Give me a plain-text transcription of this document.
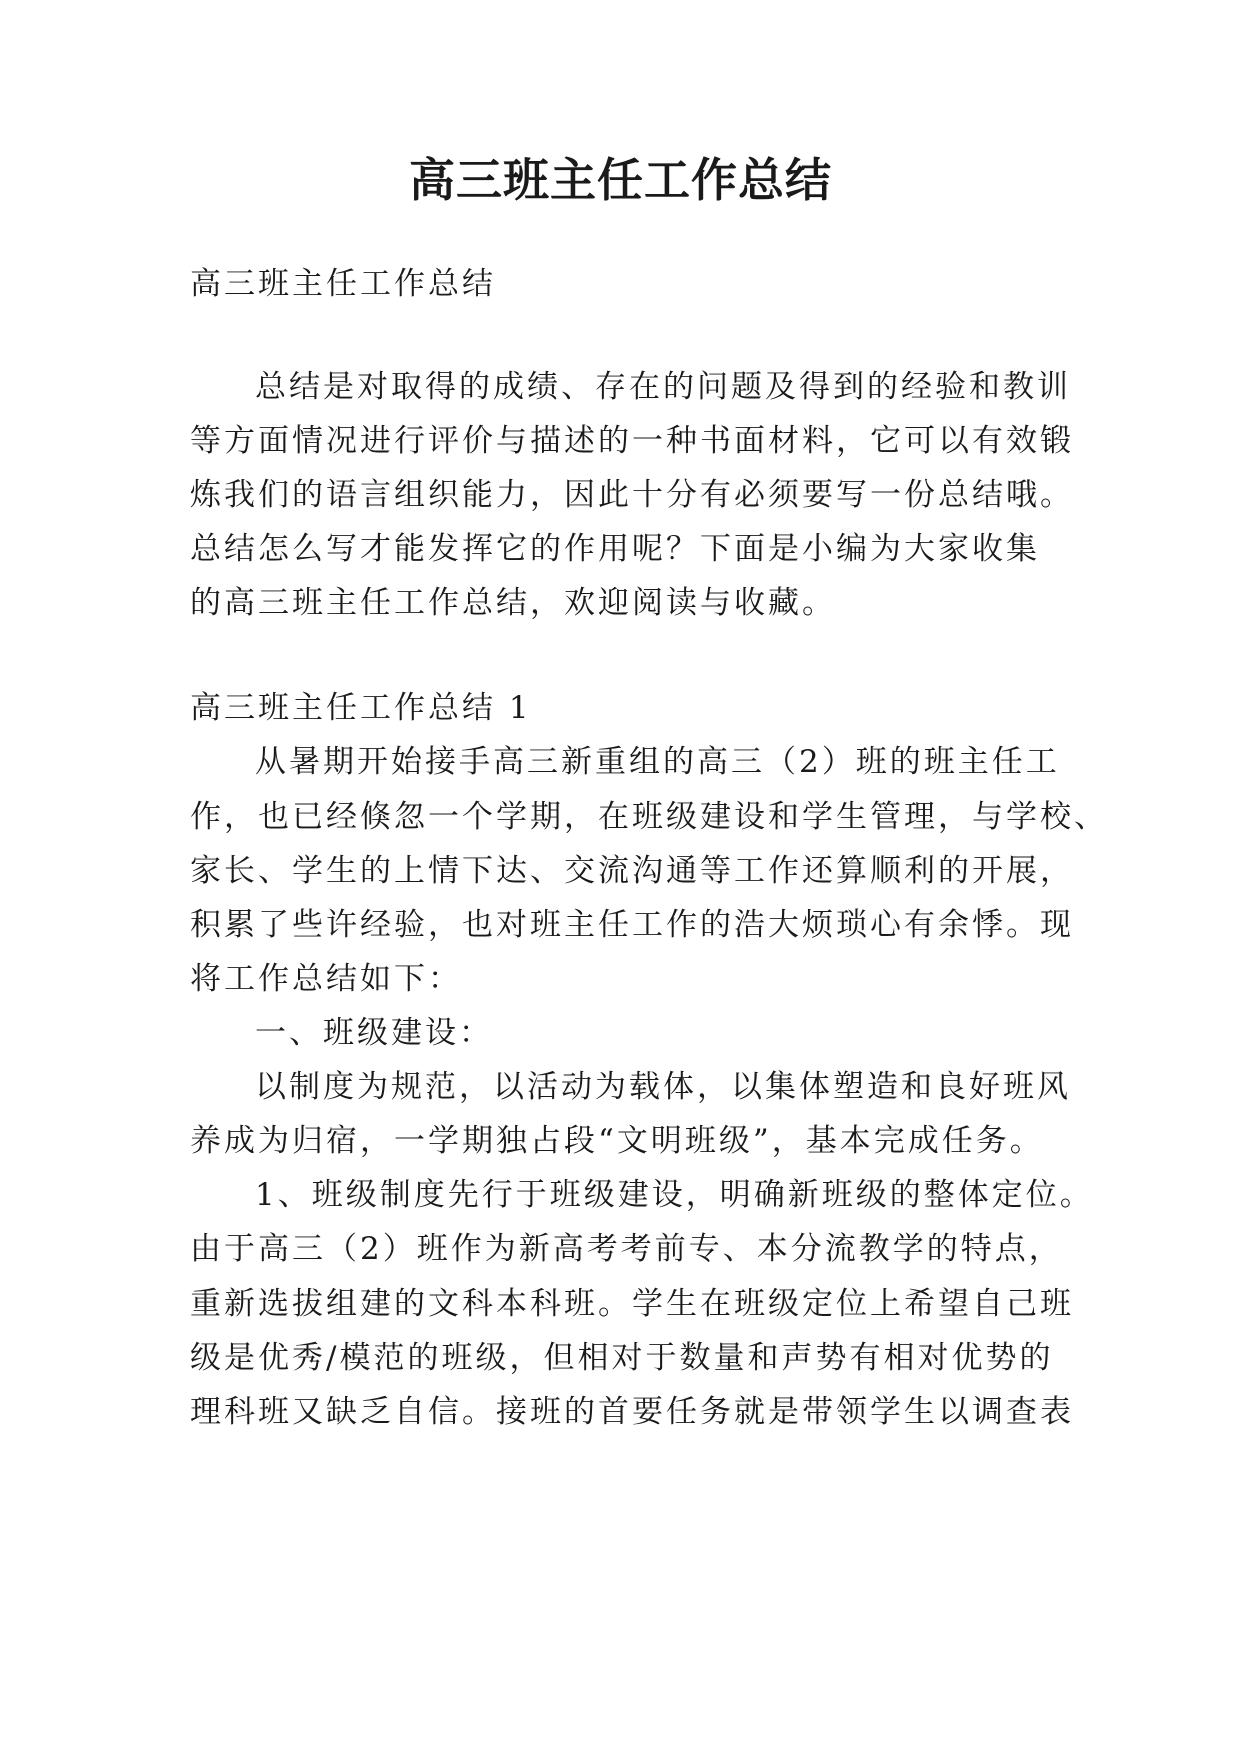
高三班主任工作总结

高三班主任工作总结

总结是对取得的成绩、存在的问题及得到的经验和教训

等方面情况进行评价与描述的一种书面材料，它可以有效锻

炼我们的语言组织能力，因此十分有必须要写一份总结哦。

总结怎么写才能发挥它的作用呢？下面是小编为大家收集

的高三班主任工作总结，欢迎阅读与收藏。

高三班主任工作总结 1

从暑期开始接手高三新重组的高三（2）班的班主任工

作，也已经倏忽一个学期，在班级建设和学生管理，与学校、

家长、学生的上情下达、交流沟通等工作还算顺利的开展，

积累了些许经验，也对班主任工作的浩大烦琐心有余悸。现

将工作总结如下：

一、班级建设：

以制度为规范，以活动为载体，以集体塑造和良好班风

养成为归宿，一学期独占段“文明班级”，基本完成任务。

1、班级制度先行于班级建设，明确新班级的整体定位。

由于高三（2）班作为新高考考前专、本分流教学的特点，

重新选拔组建的文科本科班。学生在班级定位上希望自己班

级是优秀/模范的班级，但相对于数量和声势有相对优势的

理科班又缺乏自信。接班的首要任务就是带领学生以调查表
